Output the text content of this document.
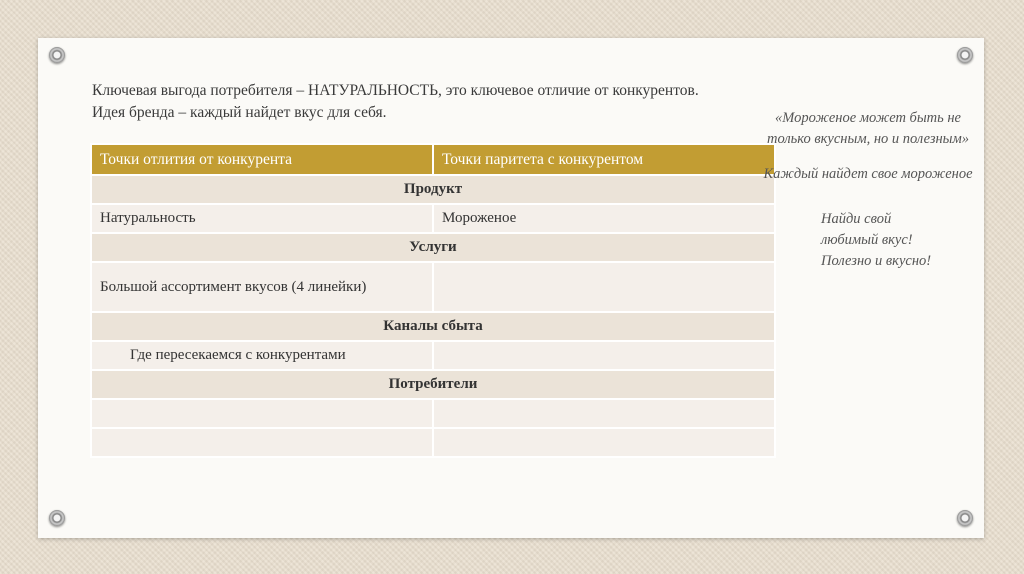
Ключевая выгода потребителя – НАТУРАЛЬНОСТЬ, это ключевое отличие от конкурентов.
Идея бренда – каждый найдет вкус для себя.
Точки отлития от конкурента	Точки паритета с конкурентом
Продукт	
Натуральность	Мороженое
Услуги	
Большой ассортимент вкусов (4 линейки)	
Каналы сбыта	
Где пересекаемся с конкурентами	
Потребители	

«Мороженое может быть не только вкусным, но и полезным»
Каждый найдет свое мороженое
Найди свой
любимый вкус!
Полезно и вкусно!
